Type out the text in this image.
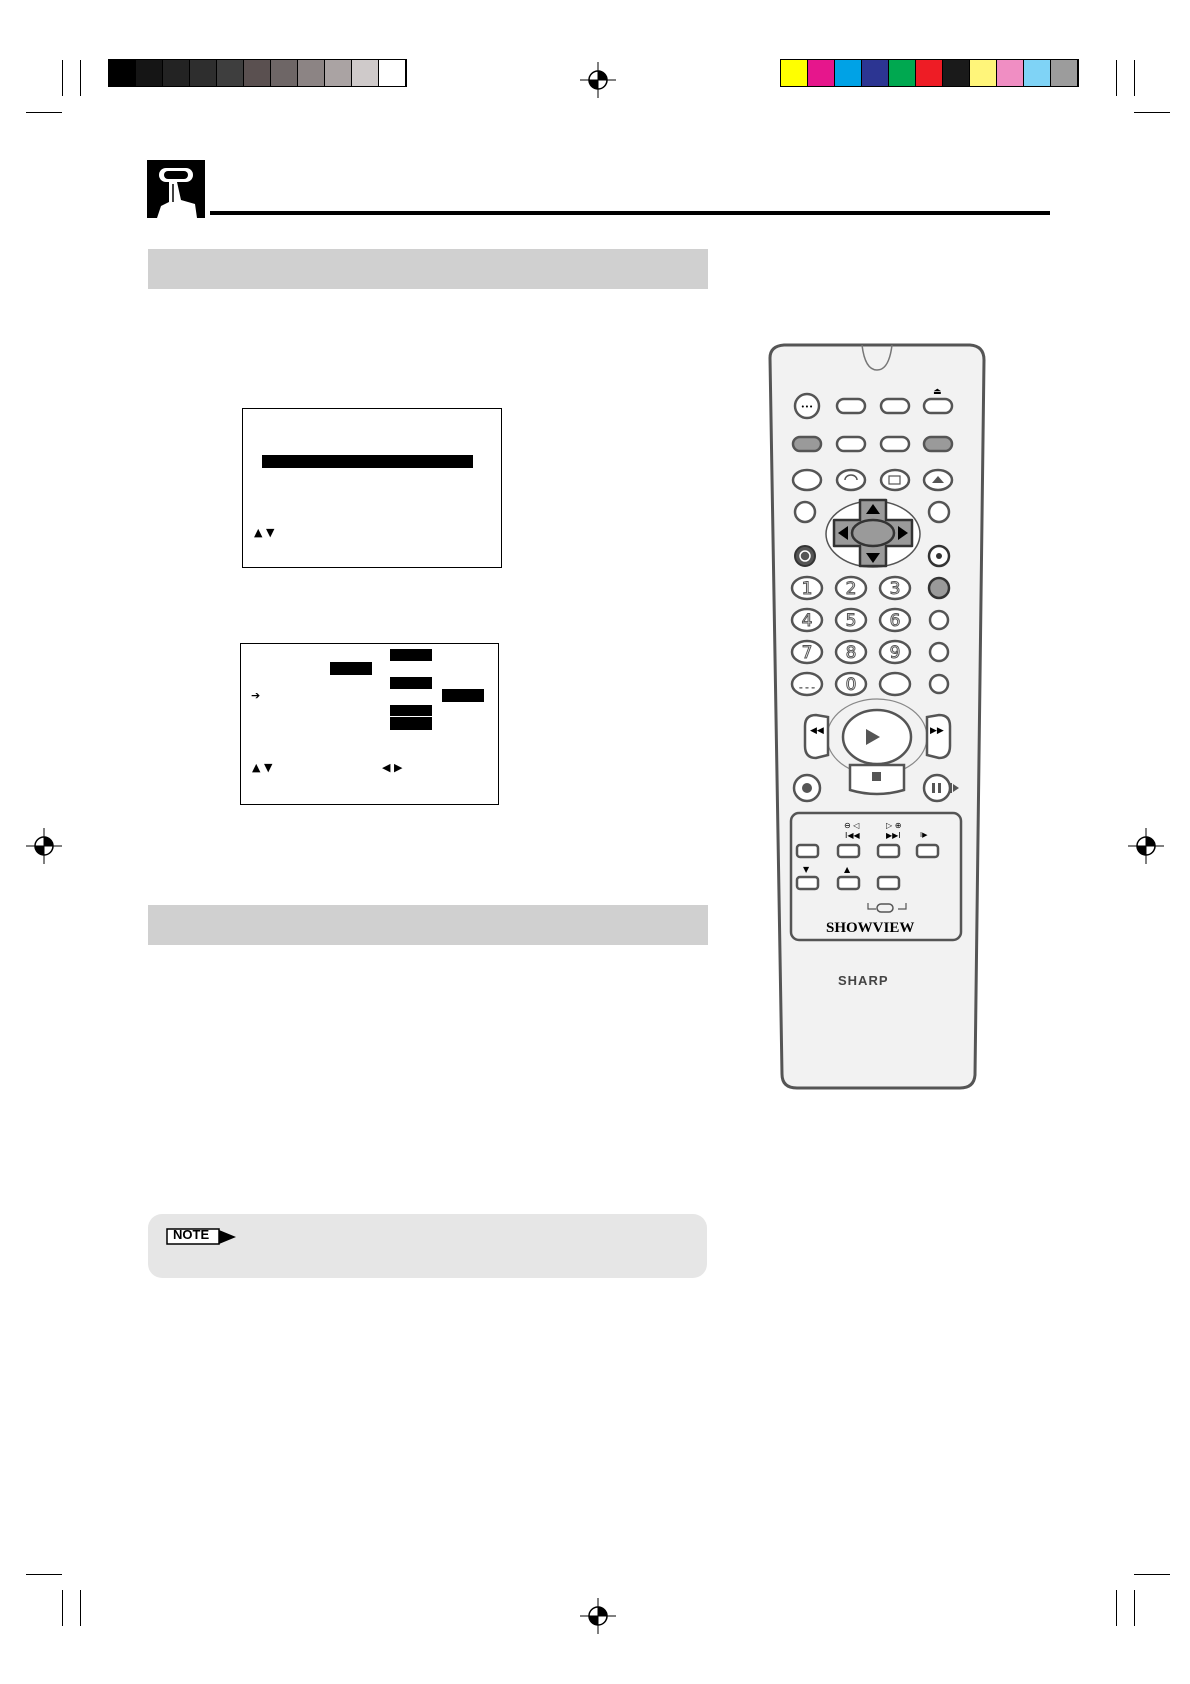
▲ ▼
➔
▲ ▼	◀ ▶
NOTE
•••
⏏
1 2 3
4 5 6
7 8 9
- - - 0
◀◀	▶▶
⊖ ◁
I◀◀
▷ ⊕
▶▶I	I▶
▼	▲
SHOWVIEW
SHARP
